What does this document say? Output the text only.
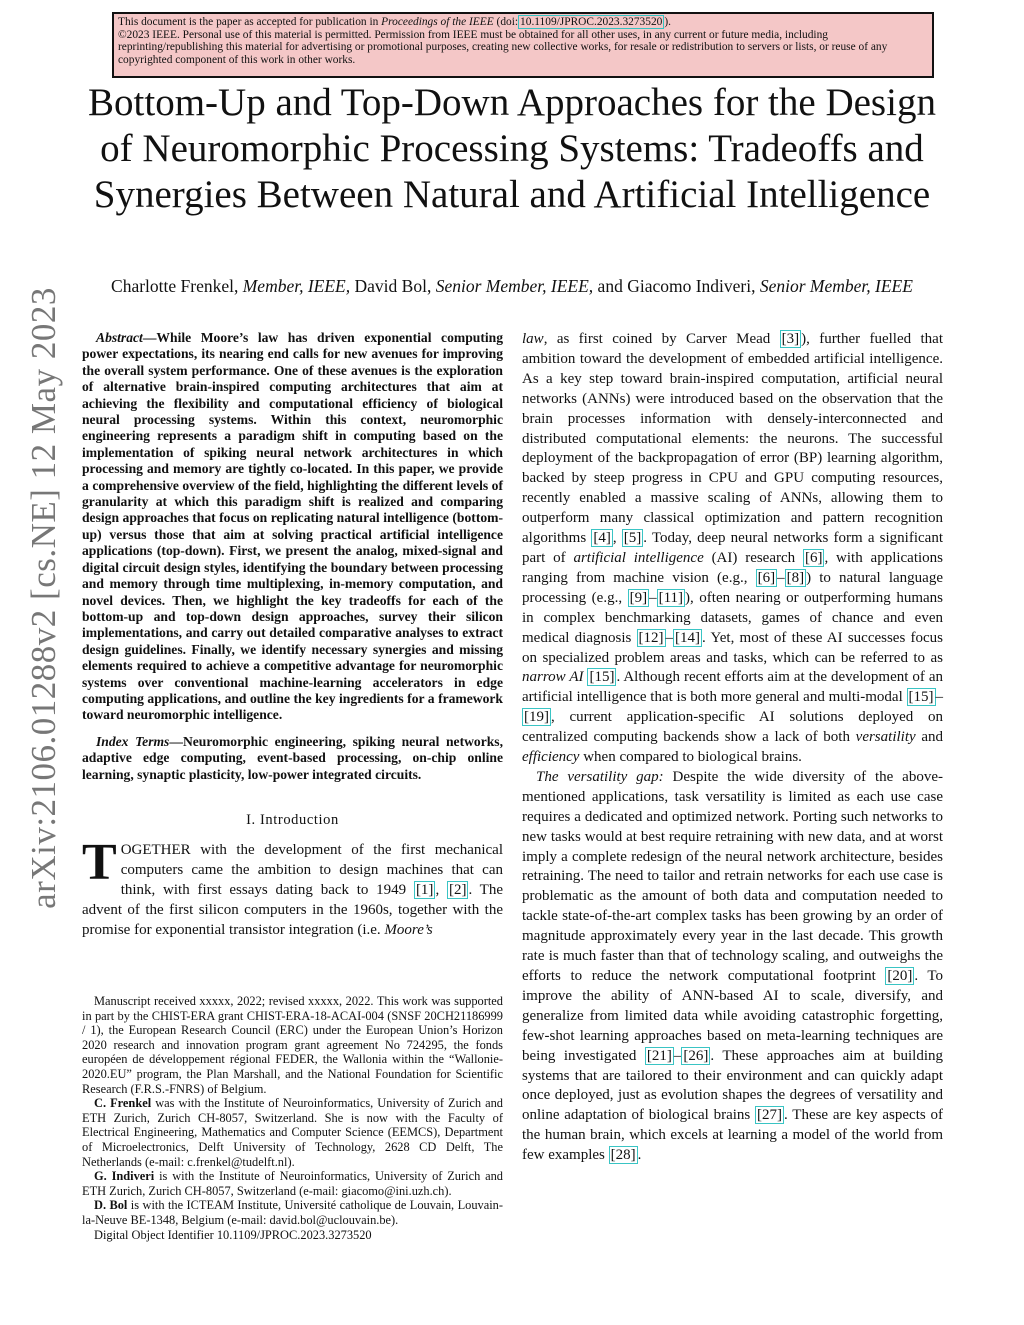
This document is the paper as accepted for publication in Proceedings of the IEEE (doi: 10.1109/JPROC.2023.3273520 ).

©2023 IEEE. Personal use of this material is permitted. Permission from IEEE must be obtained for all other uses, in any current or future media, including reprinting/republishing this material for advertising or promotional purposes, creating new collective works, for resale or redistribution to servers or lists, or reuse of any copyrighted component of this work in other works.

arXiv:2106.01288v2 [cs.NE] 12 May 2023
Bottom-Up and Top-Down Approaches for the Design of Neuromorphic Processing Systems: Tradeoffs and Synergies Between Natural and Artificial Intelligence
Charlotte Frenkel, Member, IEEE, David Bol, Senior Member, IEEE, and Giacomo Indiveri, Senior Member, IEEE

Abstract—While Moore’s law has driven exponential computing power expectations, its nearing end calls for new avenues for improving the overall system performance. One of these avenues is the exploration of alternative brain-inspired computing architectures that aim at achieving the flexibility and computational efficiency of biological neural processing systems. Within this context, neuromorphic engineering represents a paradigm shift in computing based on the implementation of spiking neural network architectures in which processing and memory are tightly co-located. In this paper, we provide a comprehensive overview of the field, highlighting the different levels of granularity at which this paradigm shift is realized and comparing design approaches that focus on replicating natural intelligence (bottom-up) versus those that aim at solving practical artificial intelligence applications (top-down). First, we present the analog, mixed-signal and digital circuit design styles, identifying the boundary between processing and memory through time multiplexing, in-memory computation, and novel devices. Then, we highlight the key tradeoffs for each of the bottom-up and top-down design approaches, survey their silicon implementations, and carry out detailed comparative analyses to extract design guidelines. Finally, we identify necessary synergies and missing elements required to achieve a competitive advantage for neuromorphic systems over conventional machine-learning accelerators in edge computing applications, and outline the key ingredients for a framework toward neuromorphic intelligence.

Index Terms—Neuromorphic engineering, spiking neural networks, adaptive edge computing, event-based processing, on-chip online learning, synaptic plasticity, low-power integrated circuits.

I. Introduction

TOGETHER with the development of the first mechanical computers came the ambition to design machines that can think, with first essays dating back to 1949 [1] , [2] . The advent of the first silicon computers in the 1960s, together with the promise for exponential transistor integration (i.e. Moore’s

Manuscript received xxxxx, 2022; revised xxxxx, 2022. This work was supported in part by the CHIST-ERA grant CHIST-ERA-18-ACAI-004 (SNSF 20CH21186999 / 1), the European Research Council (ERC) under the European Union’s Horizon 2020 research and innovation program grant agreement No 724295, the fonds européen de développement régional FEDER, the Wallonia within the “Wallonie-2020.EU” program, the Plan Marshall, and the National Foundation for Scientific Research (F.R.S.-FNRS) of Belgium.

C. Frenkel was with the Institute of Neuroinformatics, University of Zurich and ETH Zurich, Zurich CH-8057, Switzerland. She is now with the Faculty of Electrical Engineering, Mathematics and Computer Science (EEMCS), Department of Microelectronics, Delft University of Technology, 2628 CD Delft, The Netherlands (e-mail: c.frenkel@tudelft.nl).

G. Indiveri is with the Institute of Neuroinformatics, University of Zurich and ETH Zurich, Zurich CH-8057, Switzerland (e-mail: giacomo@ini.uzh.ch).

D. Bol is with the ICTEAM Institute, Université catholique de Louvain, Louvain-la-Neuve BE-1348, Belgium (e-mail: david.bol@uclouvain.be).

Digital Object Identifier 10.1109/JPROC.2023.3273520

law, as first coined by Carver Mead [3] ), further fuelled that ambition toward the development of embedded artificial intelligence. As a key step toward brain-inspired computation, artificial neural networks (ANNs) were introduced based on the observation that the brain processes information with densely-interconnected and distributed computational elements: the neurons. The successful deployment of the backpropagation of error (BP) learning algorithm, backed by steep progress in CPU and GPU computing resources, recently enabled a massive scaling of ANNs, allowing them to outperform many classical optimization and pattern recognition algorithms [4] , [5] . Today, deep neural networks form a significant part of artificial intelligence (AI) research [6] , with applications ranging from machine vision (e.g., [6] – [8] ) to natural language processing (e.g., [9] – [11] ), often nearing or outperforming humans in complex benchmarking datasets, games of chance and even medical diagnosis [12] – [14] . Yet, most of these AI successes focus on specialized problem areas and tasks, which can be referred to as narrow AI [15] . Although recent efforts aim at the development of an artificial intelligence that is both more general and multi-modal [15] –[19] , current application-specific AI solutions deployed on centralized computing backends show a lack of both versatility and efficiency when compared to biological brains.

The versatility gap: Despite the wide diversity of the above-mentioned applications, task versatility is limited as each use case requires a dedicated and optimized network. Porting such networks to new tasks would at best require retraining with new data, and at worst imply a complete redesign of the neural network architecture, besides retraining. The need to tailor and retrain networks for each use case is problematic as the amount of both data and computation needed to tackle state-of-the-art complex tasks has been growing by an order of magnitude approximately every year in the last decade. This growth rate is much faster than that of technology scaling, and outweighs the efforts to reduce the network computational footprint [20] . To improve the ability of ANN-based AI to scale, diversify, and generalize from limited data while avoiding catastrophic forgetting, few-shot learning approaches based on meta-learning techniques are being investigated [21] – [26] . These approaches aim at building systems that are tailored to their environment and can quickly adapt once deployed, just as evolution shapes the degrees of versatility and online adaptation of biological brains [27] . These are key aspects of the human brain, which excels at learning a model of the world from few examples [28] .
